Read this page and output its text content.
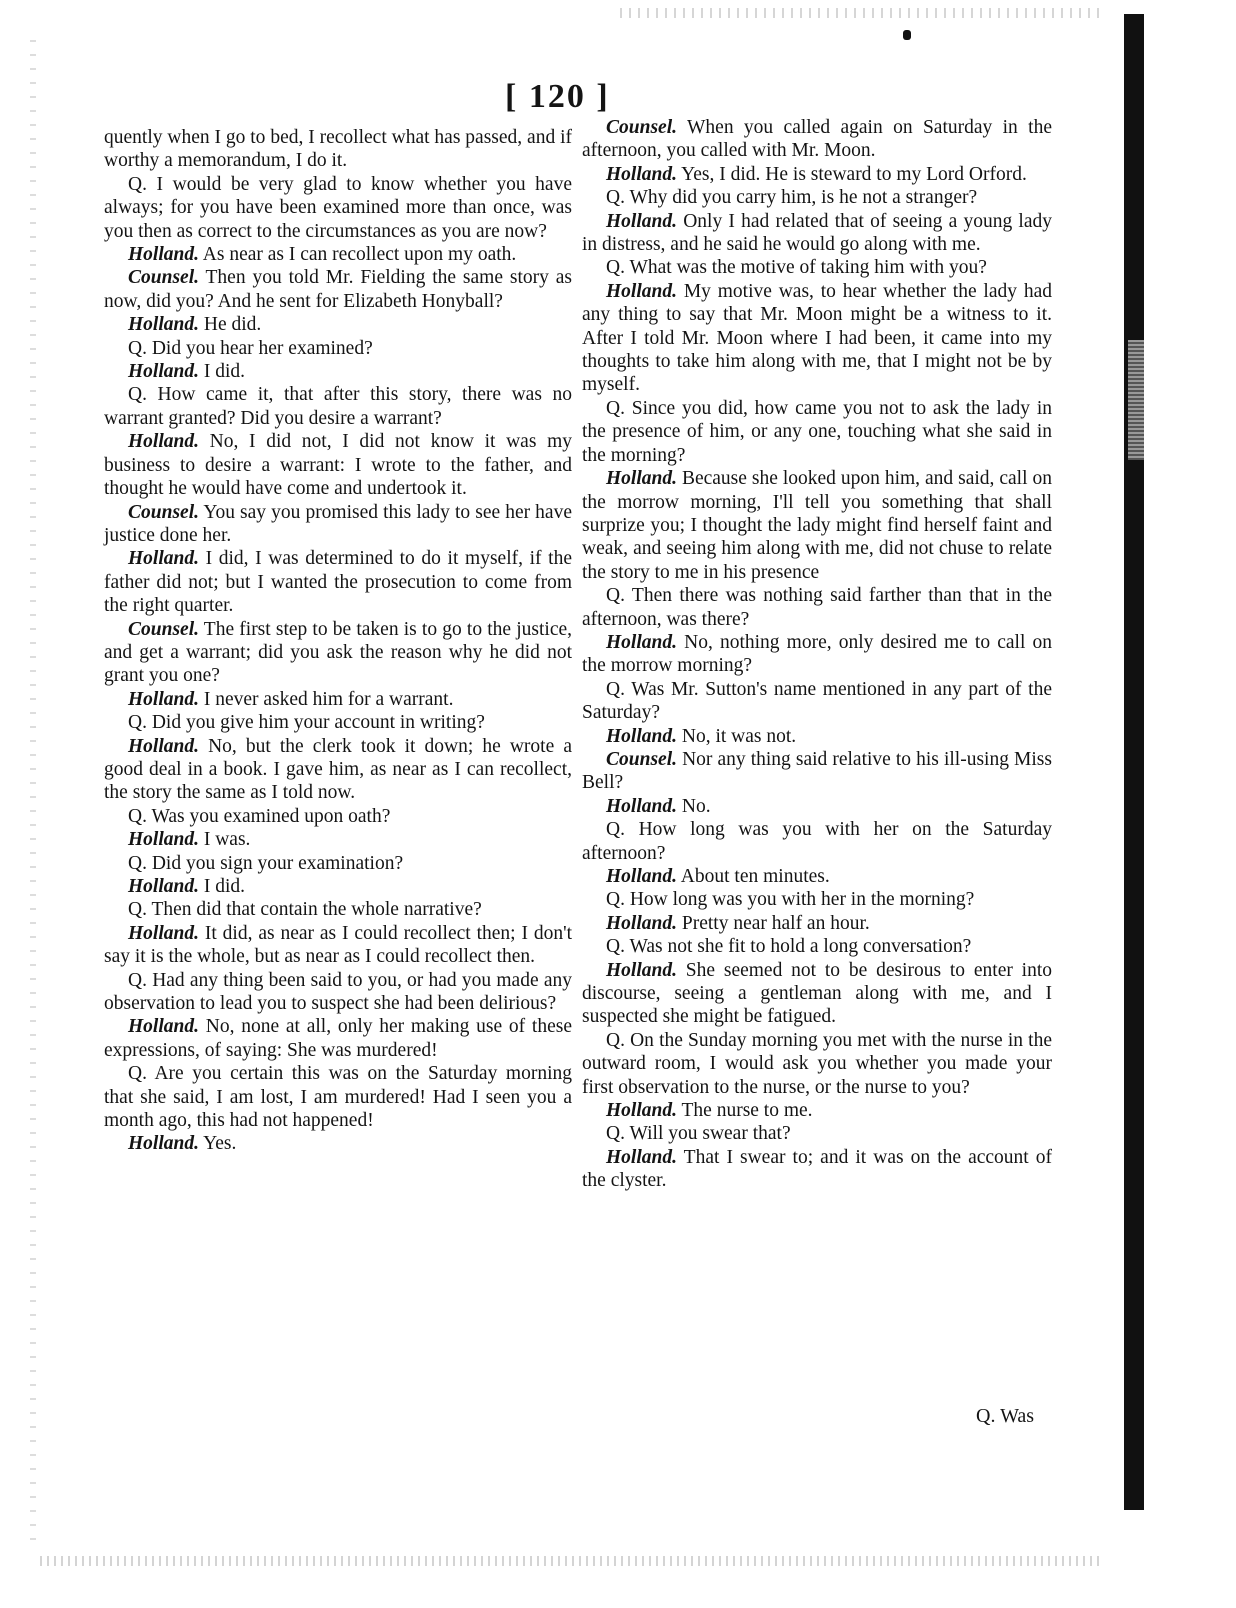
[ 120 ]

quently when I go to bed, I recollect what has passed, and if worthy a memorandum, I do it.

Q. I would be very glad to know whether you have always; for you have been examined more than once, was you then as correct to the circumstances as you are now?

Holland. As near as I can recollect upon my oath.

Counsel. Then you told Mr. Fielding the same story as now, did you? And he sent for Elizabeth Honyball?

Holland. He did.

Q. Did you hear her examined?

Holland. I did.

Q. How came it, that after this story, there was no warrant granted? Did you desire a warrant?

Holland. No, I did not, I did not know it was my business to desire a warrant: I wrote to the father, and thought he would have come and undertook it.

Counsel. You say you promised this lady to see her have justice done her.

Holland. I did, I was determined to do it myself, if the father did not; but I wanted the prosecution to come from the right quarter.

Counsel. The first step to be taken is to go to the justice, and get a warrant; did you ask the reason why he did not grant you one?

Holland. I never asked him for a warrant.

Q. Did you give him your account in writing?

Holland. No, but the clerk took it down; he wrote a good deal in a book. I gave him, as near as I can recollect, the story the same as I told now.

Q. Was you examined upon oath?

Holland. I was.

Q. Did you sign your examination?

Holland. I did.

Q. Then did that contain the whole narrative?

Holland. It did, as near as I could recollect then; I don't say it is the whole, but as near as I could recollect then.

Q. Had any thing been said to you, or had you made any observation to lead you to suspect she had been delirious?

Holland. No, none at all, only her making use of these expressions, of saying: She was murdered!

Q. Are you certain this was on the Saturday morning that she said, I am lost, I am murdered! Had I seen you a month ago, this had not happened!

Holland. Yes.

Counsel. When you called again on Saturday in the afternoon, you called with Mr. Moon.

Holland. Yes, I did. He is steward to my Lord Orford.

Q. Why did you carry him, is he not a stranger?

Holland. Only I had related that of seeing a young lady in distress, and he said he would go along with me.

Q. What was the motive of taking him with you?

Holland. My motive was, to hear whether the lady had any thing to say that Mr. Moon might be a witness to it. After I told Mr. Moon where I had been, it came into my thoughts to take him along with me, that I might not be by myself.

Q. Since you did, how came you not to ask the lady in the presence of him, or any one, touching what she said in the morning?

Holland. Because she looked upon him, and said, call on the morrow morning, I'll tell you something that shall surprize you; I thought the lady might find herself faint and weak, and seeing him along with me, did not chuse to relate the story to me in his presence

Q. Then there was nothing said farther than that in the afternoon, was there?

Holland. No, nothing more, only desired me to call on the morrow morning?

Q. Was Mr. Sutton's name mentioned in any part of the Saturday?

Holland. No, it was not.

Counsel. Nor any thing said relative to his ill-using Miss Bell?

Holland. No.

Q. How long was you with her on the Saturday afternoon?

Holland. About ten minutes.

Q. How long was you with her in the morning?

Holland. Pretty near half an hour.

Q. Was not she fit to hold a long conversation?

Holland. She seemed not to be desirous to enter into discourse, seeing a gentleman along with me, and I suspected she might be fatigued.

Q. On the Sunday morning you met with the nurse in the outward room, I would ask you whether you made your first observation to the nurse, or the nurse to you?

Holland. The nurse to me.

Q. Will you swear that?

Holland. That I swear to; and it was on the account of the clyster.

Q. Was
